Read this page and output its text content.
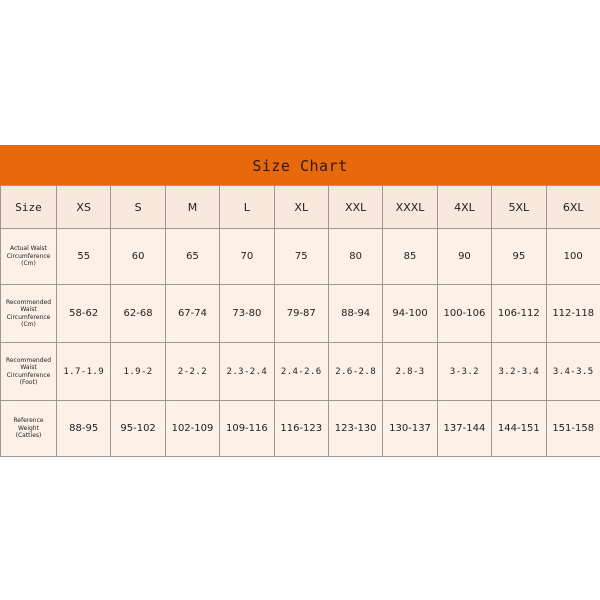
Size Chart
Size	XS	S	M	L	XL	XXL	XXXL	4XL	5XL	6XL
Actual Waist
Circumference
(Cm)	55	60	65	70	75	80	85	90	95	100
Recommended
Waist
Circumference
(Cm)	58-62	62-68	67-74	73-80	79-87	88-94	94-100	100-106	106-112	112-118
Recommended
Waist
Circumference
(Foot)	1.7-1.9	1.9-2	2-2.2	2.3-2.4	2.4-2.6	2.6-2.8	2.8-3	3-3.2	3.2-3.4	3.4-3.5
Reference
Weight
(Catties)	88-95	95-102	102-109	109-116	116-123	123-130	130-137	137-144	144-151	151-158
